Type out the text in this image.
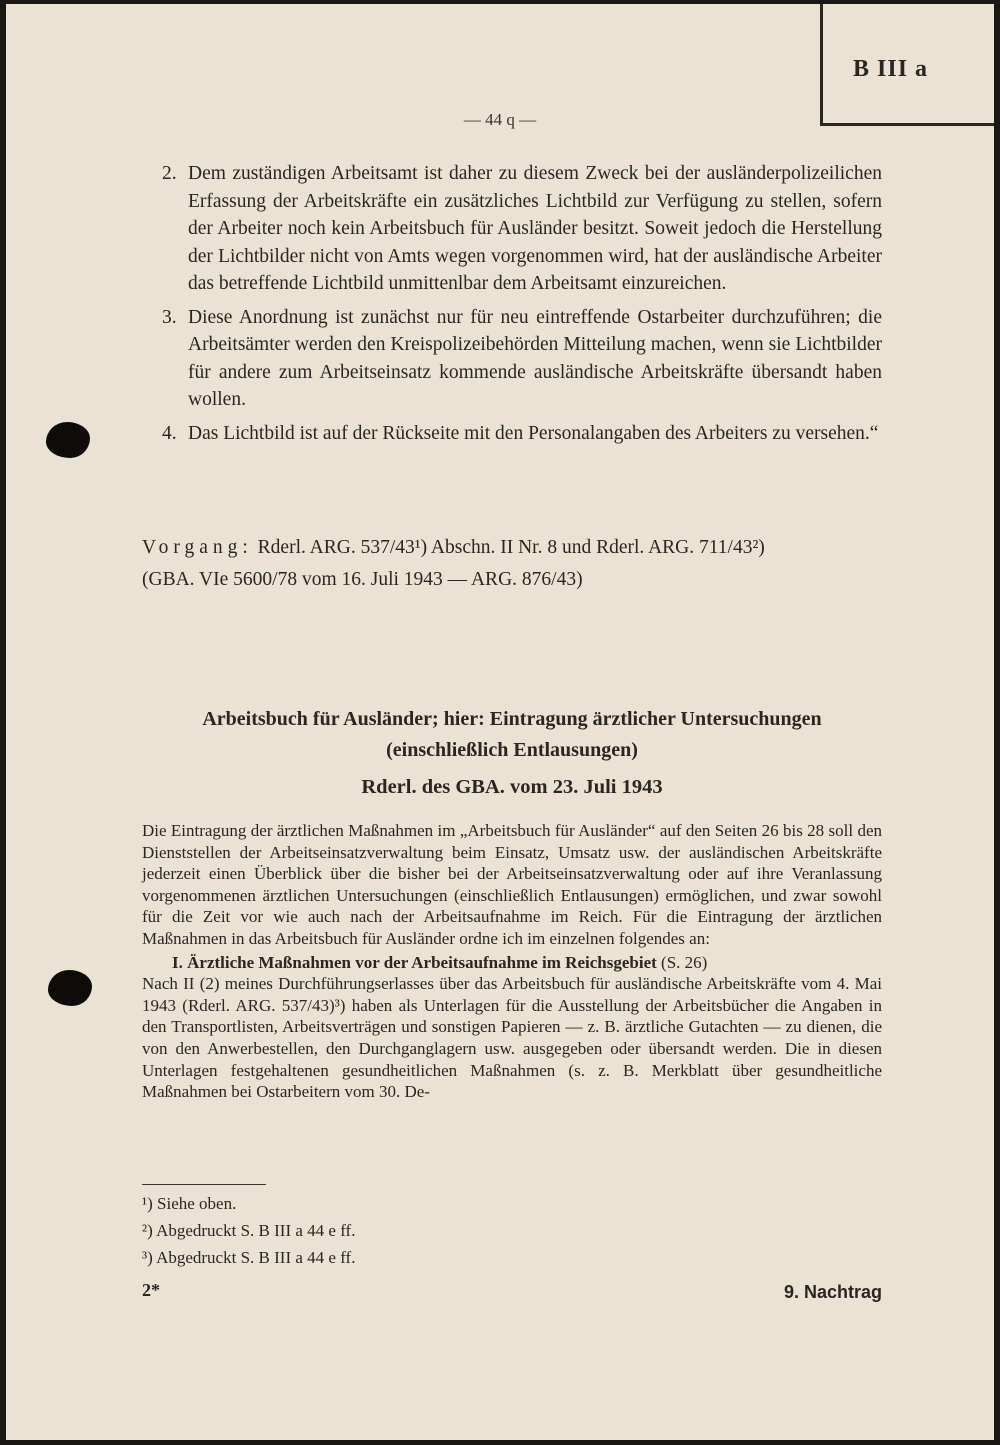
B III a
— 44 q —
2. Dem zuständigen Arbeitsamt ist daher zu diesem Zweck bei der ausländerpolizeilichen Erfassung der Arbeitskräfte ein zusätzliches Lichtbild zur Verfügung zu stellen, sofern der Arbeiter noch kein Arbeitsbuch für Ausländer besitzt. Soweit jedoch die Herstellung der Lichtbilder nicht von Amts wegen vorgenommen wird, hat der ausländische Arbeiter das betreffende Lichtbild unmittenlbar dem Arbeitsamt einzureichen.
3. Diese Anordnung ist zunächst nur für neu eintreffende Ostarbeiter durchzuführen; die Arbeitsämter werden den Kreispolizeibehörden Mitteilung machen, wenn sie Lichtbilder für andere zum Arbeitseinsatz kommende ausländische Arbeitskräfte übersandt haben wollen.
4. Das Lichtbild ist auf der Rückseite mit den Personalangaben des Arbeiters zu versehen.“
Vorgang: Rderl. ARG. 537/43¹) Abschn. II Nr. 8 und Rderl. ARG. 711/43²)
(GBA. VIe 5600/78 vom 16. Juli 1943 — ARG. 876/43)
Arbeitsbuch für Ausländer; hier: Eintragung ärztlicher Untersuchungen
(einschließlich Entlausungen)
Rderl. des GBA. vom 23. Juli 1943
Die Eintragung der ärztlichen Maßnahmen im „Arbeitsbuch für Ausländer“ auf den Seiten 26 bis 28 soll den Dienststellen der Arbeitseinsatzverwaltung beim Einsatz, Umsatz usw. der ausländischen Arbeitskräfte jederzeit einen Überblick über die bisher bei der Arbeitseinsatzverwaltung oder auf ihre Veranlassung vorgenommenen ärztlichen Untersuchungen (einschließlich Entlausungen) ermöglichen, und zwar sowohl für die Zeit vor wie auch nach der Arbeitsaufnahme im Reich. Für die Eintragung der ärztlichen Maßnahmen in das Arbeitsbuch für Ausländer ordne ich im einzelnen folgendes an:
I. Ärztliche Maßnahmen vor der Arbeitsaufnahme im Reichsgebiet (S. 26)
Nach II (2) meines Durchführungserlasses über das Arbeitsbuch für ausländische Arbeitskräfte vom 4. Mai 1943 (Rderl. ARG. 537/43)³) haben als Unterlagen für die Ausstellung der Arbeitsbücher die Angaben in den Transportlisten, Arbeitsverträgen und sonstigen Papieren — z. B. ärztliche Gutachten — zu dienen, die von den Anwerbestellen, den Durchganglagern usw. ausgegeben oder übersandt werden. Die in diesen Unterlagen festgehaltenen gesundheitlichen Maßnahmen (s. z. B. Merkblatt über gesundheitliche Maßnahmen bei Ostarbeitern vom 30. De-
¹) Siehe oben.
²) Abgedruckt S. B III a 44 e ff.
³) Abgedruckt S. B III a 44 e ff.
2*	9. Nachtrag
